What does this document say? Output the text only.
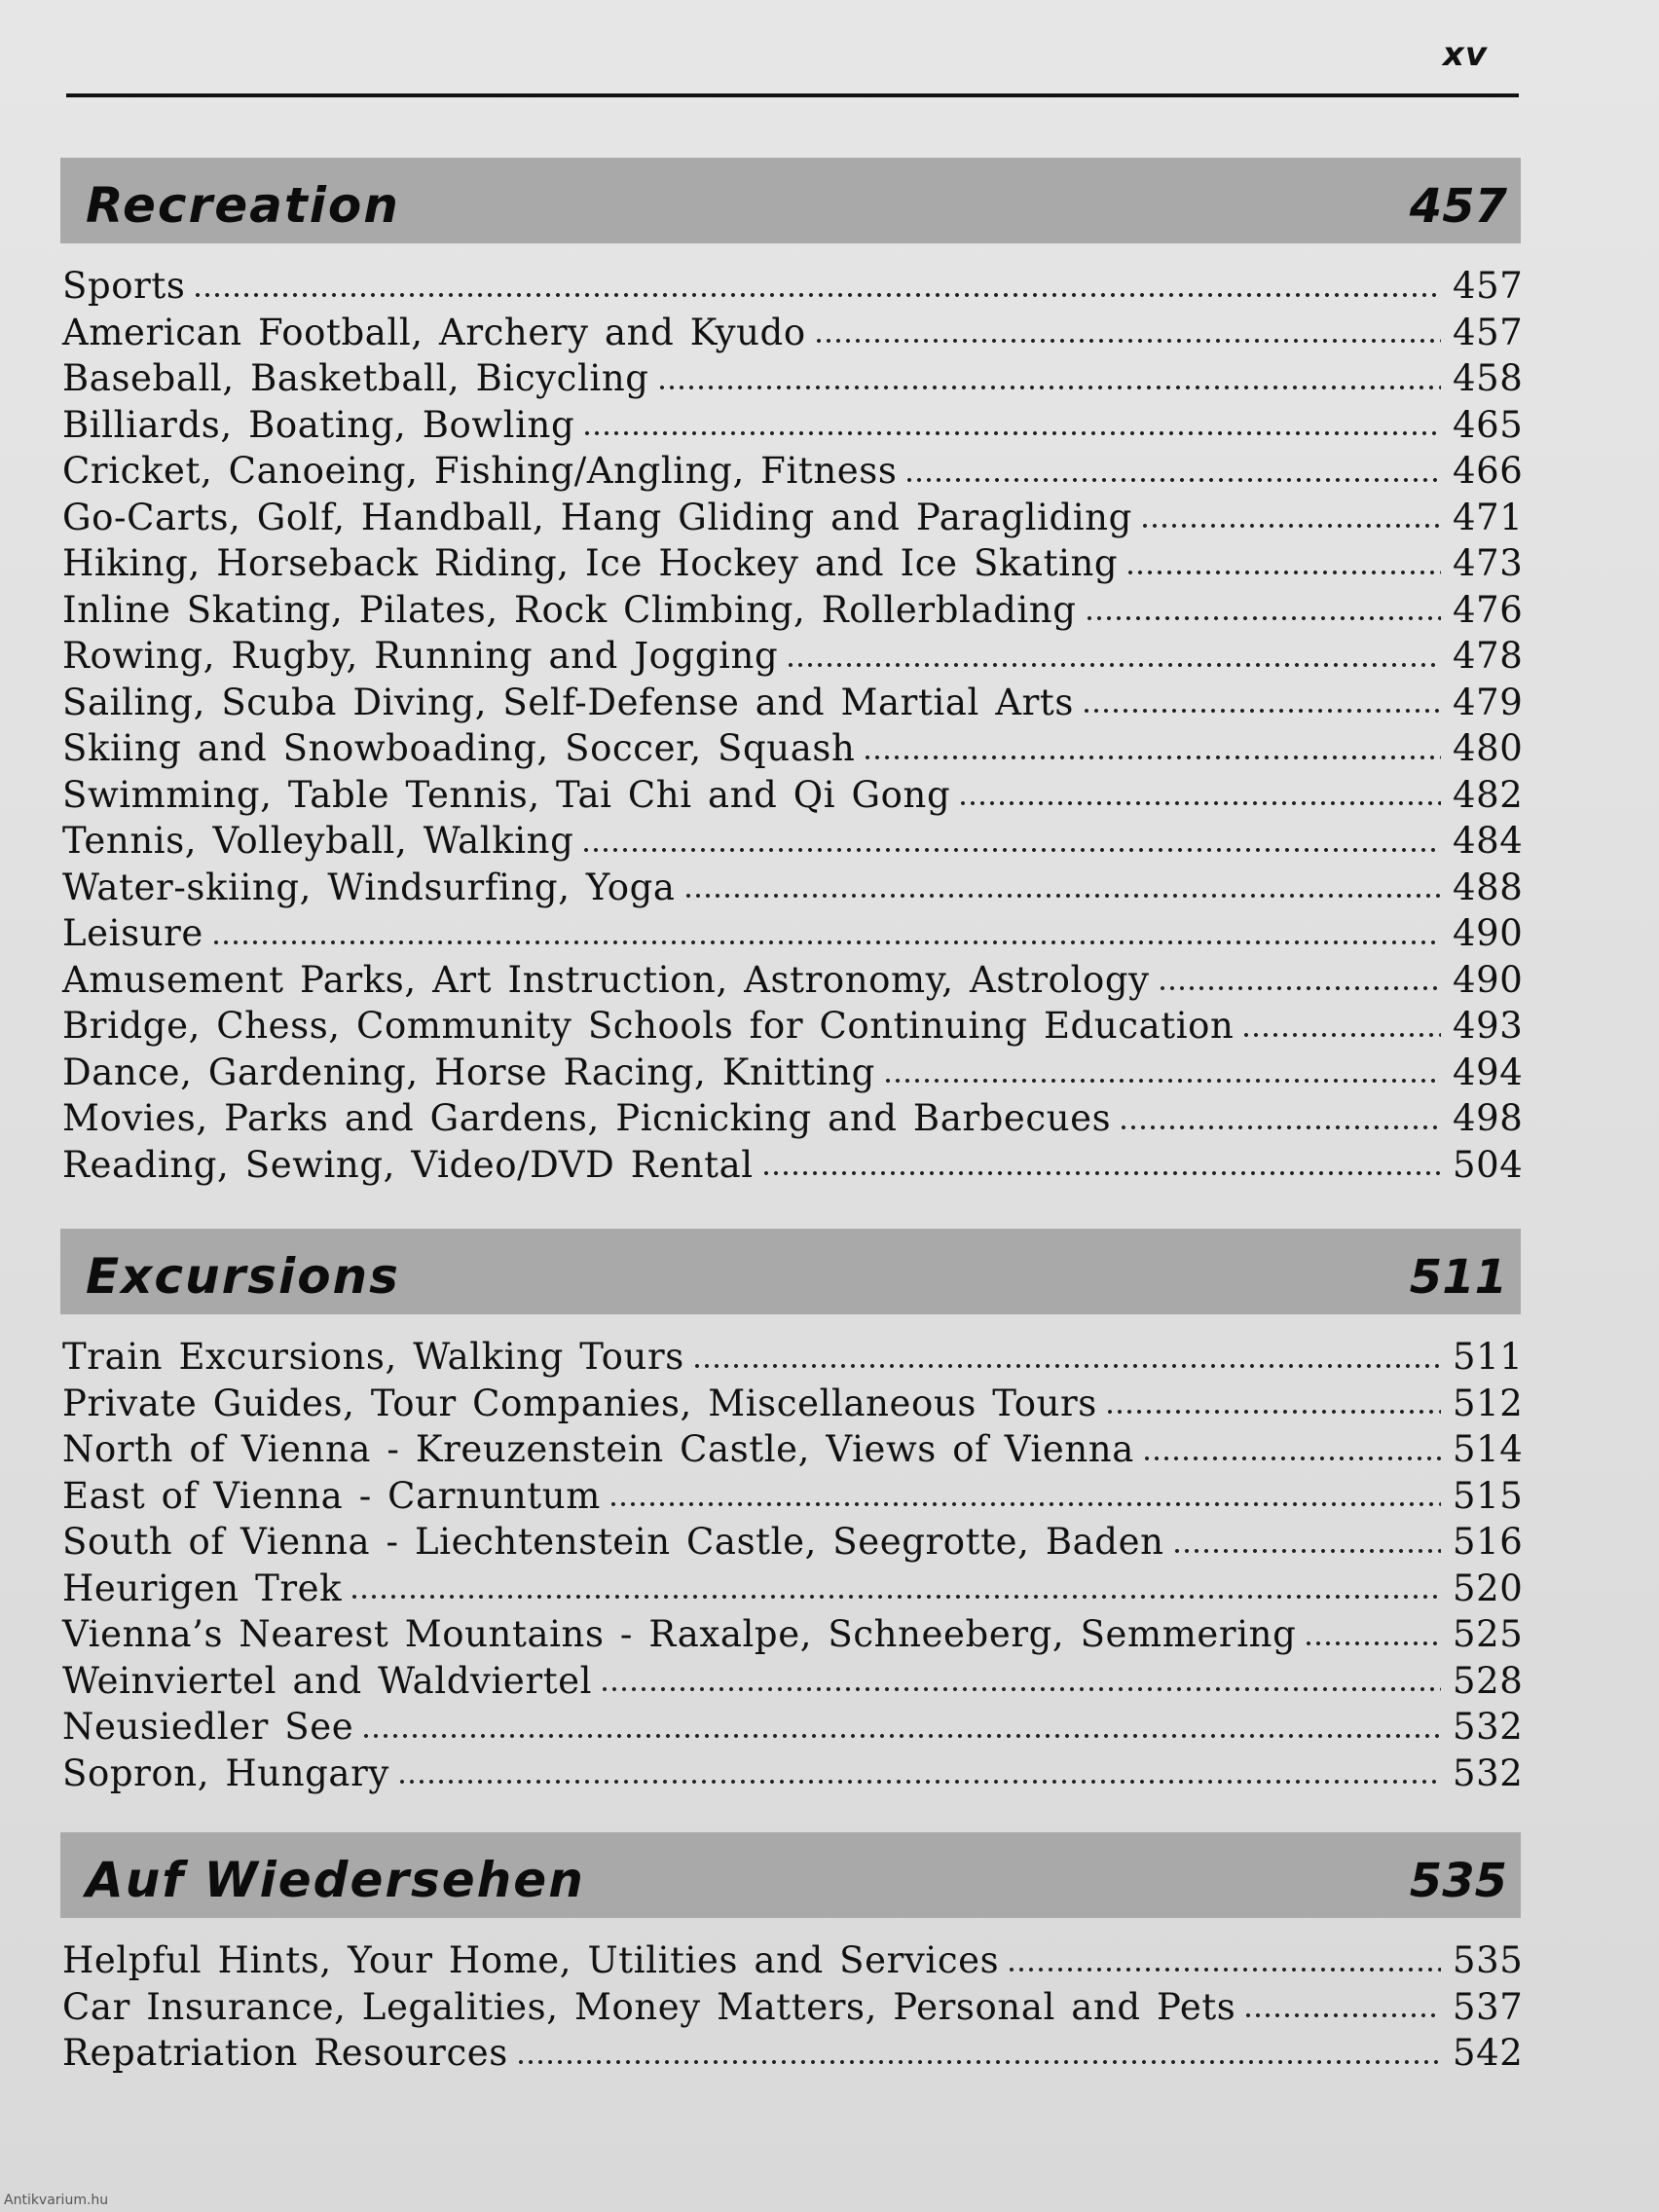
xv
Recreation	457
Sports	457
American Football, Archery and Kyudo	457
Baseball, Basketball, Bicycling	458
Billiards, Boating, Bowling	465
Cricket, Canoeing, Fishing/Angling, Fitness	466
Go-Carts, Golf, Handball, Hang Gliding and Paragliding	471
Hiking, Horseback Riding, Ice Hockey and Ice Skating	473
Inline Skating, Pilates, Rock Climbing, Rollerblading	476
Rowing, Rugby, Running and Jogging	478
Sailing, Scuba Diving, Self-Defense and Martial Arts	479
Skiing and Snowboading, Soccer, Squash	480
Swimming, Table Tennis, Tai Chi and Qi Gong	482
Tennis, Volleyball, Walking	484
Water-skiing, Windsurfing, Yoga	488
Leisure	490
Amusement Parks, Art Instruction, Astronomy, Astrology	490
Bridge, Chess, Community Schools for Continuing Education	493
Dance, Gardening, Horse Racing, Knitting	494
Movies, Parks and Gardens, Picnicking and Barbecues	498
Reading, Sewing, Video/DVD Rental	504
Excursions	511
Train Excursions, Walking Tours	511
Private Guides, Tour Companies, Miscellaneous Tours	512
North of Vienna - Kreuzenstein Castle, Views of Vienna	514
East of Vienna - Carnuntum	515
South of Vienna - Liechtenstein Castle, Seegrotte, Baden	516
Heurigen Trek	520
Vienna’s Nearest Mountains - Raxalpe, Schneeberg, Semmering	525
Weinviertel and Waldviertel	528
Neusiedler See	532
Sopron, Hungary	532
Auf Wiedersehen	535
Helpful Hints, Your Home, Utilities and Services	535
Car Insurance, Legalities, Money Matters, Personal and Pets	537
Repatriation Resources	542
Antikvarium.hu
